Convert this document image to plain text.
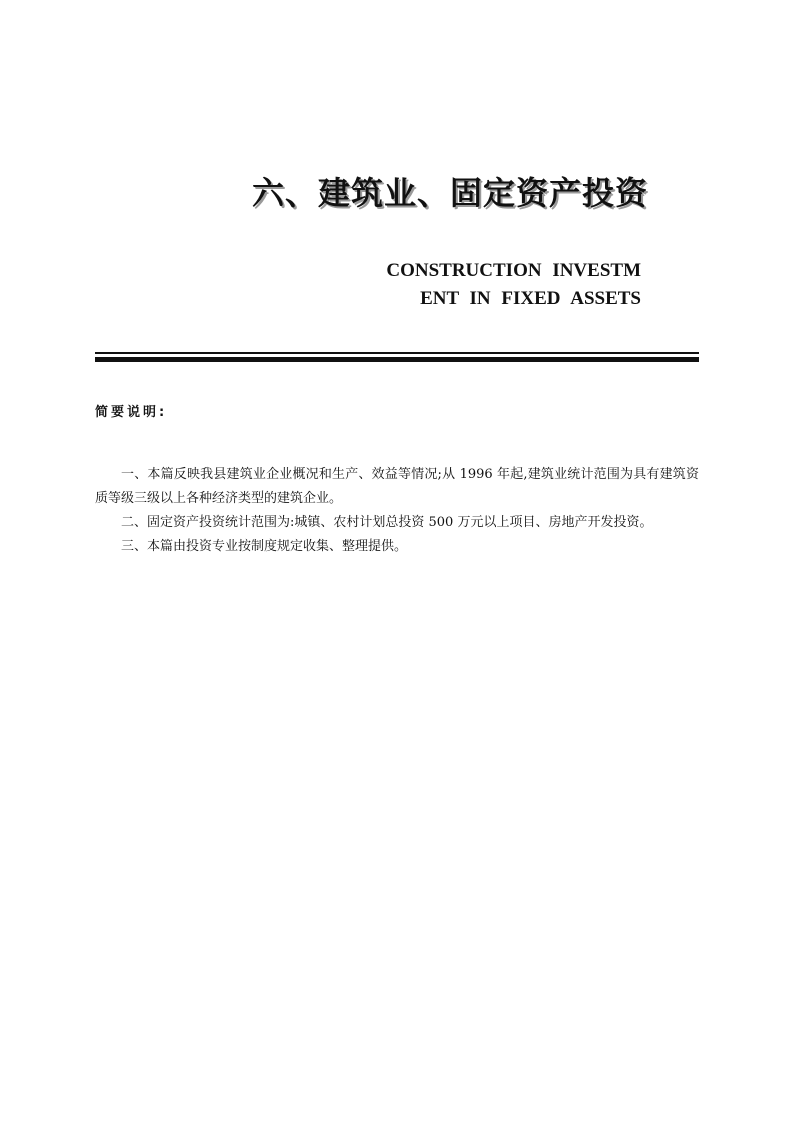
六、建筑业、固定资产投资
CONSTRUCTION INVESTM
ENT IN FIXED ASSETS
简要说明:

一、本篇反映我县建筑业企业概况和生产、效益等情况;从 1996 年起,建筑业统计范围为具有建筑资质等级三级以上各种经济类型的建筑企业。

二、固定资产投资统计范围为:城镇、农村计划总投资 500 万元以上项目、房地产开发投资。

三、本篇由投资专业按制度规定收集、整理提供。
